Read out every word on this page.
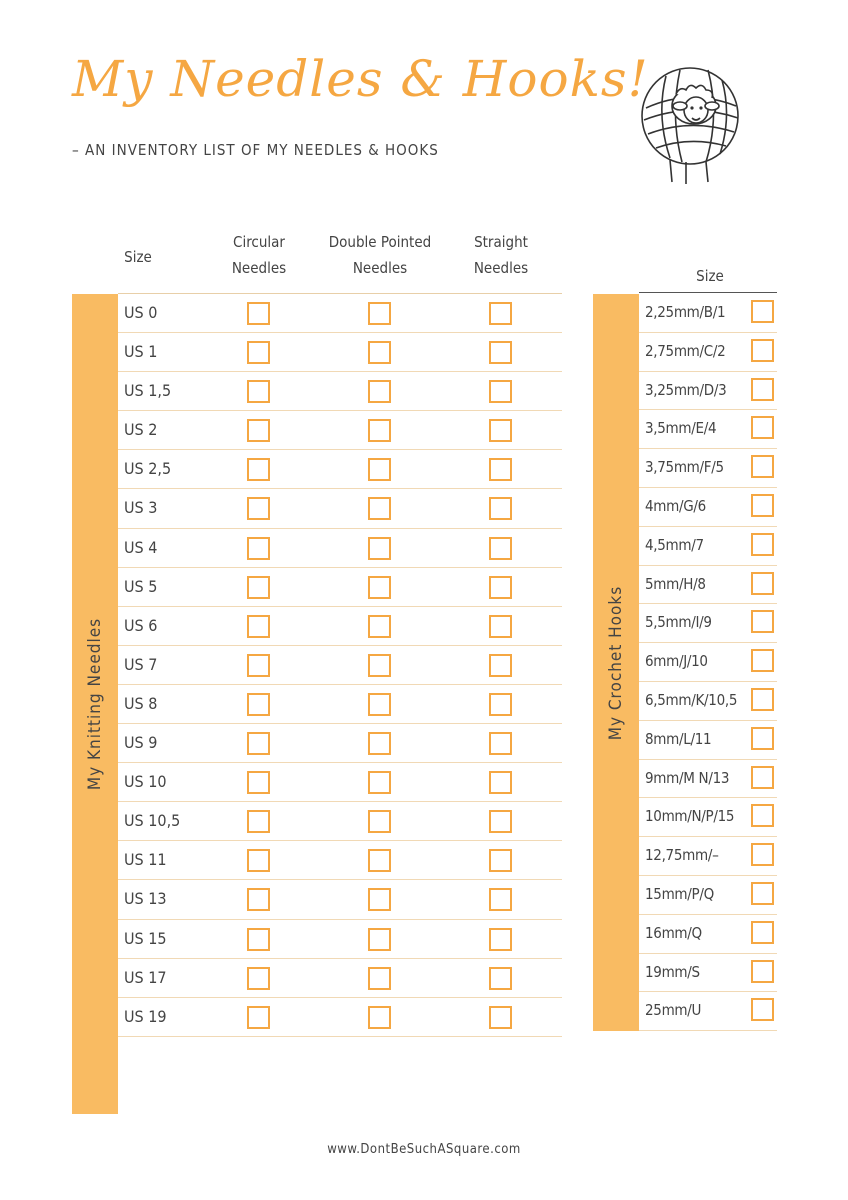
My Needles & Hooks!
– AN INVENTORY LIST OF MY NEEDLES & HOOKS
Size
Circular
Needles
Double Pointed
Needles
Straight
Needles
My Knitting Needles
US 0
US 1
US 1,5
US 2
US 2,5
US 3
US 4
US 5
US 6
US 7
US 8
US 9
US 10
US 10,5
US 11
US 13
US 15
US 17
US 19
Size
My Crochet Hooks
2,25mm/B/1
2,75mm/C/2
3,25mm/D/3
3,5mm/E/4
3,75mm/F/5
4mm/G/6
4,5mm/7
5mm/H/8
5,5mm/I/9
6mm/J/10
6,5mm/K/10,5
8mm/L/11
9mm/M N/13
10mm/N/P/15
12,75mm/–
15mm/P/Q
16mm/Q
19mm/S
25mm/U
www.DontBeSuchASquare.com
